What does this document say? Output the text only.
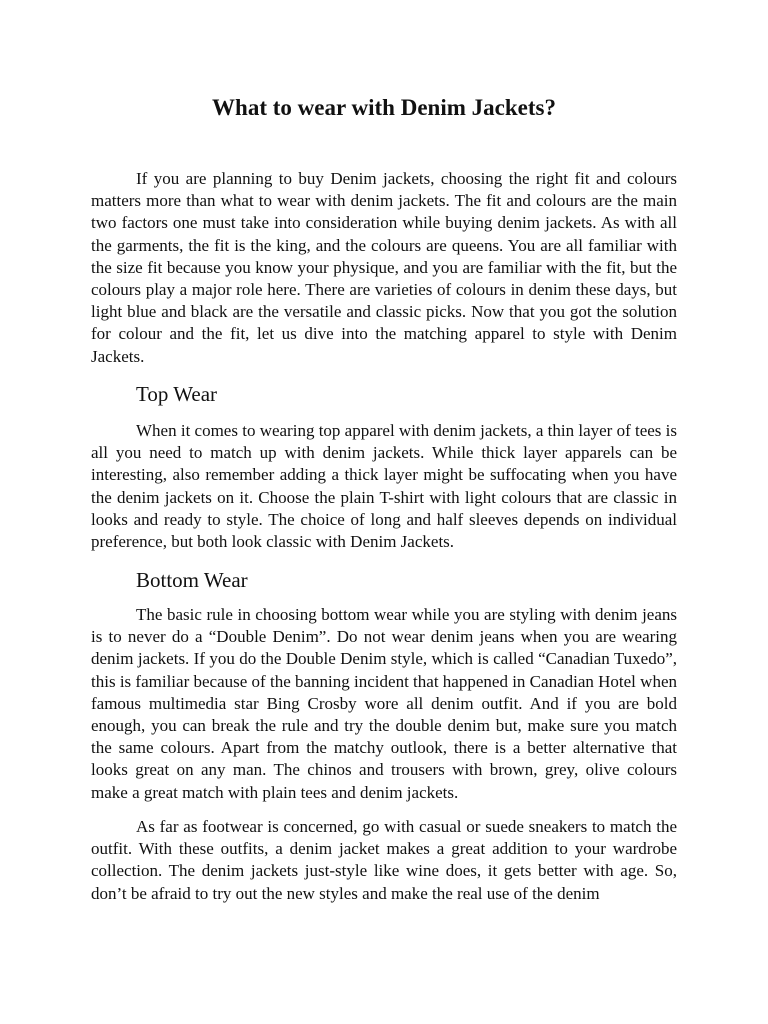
What to wear with Denim Jackets?

If you are planning to buy Denim jackets, choosing the right fit and colours matters more than what to wear with denim jackets. The fit and colours are the main two factors one must take into consideration while buying denim jackets. As with all the garments, the fit is the king, and the colours are queens. You are all familiar with the size fit because you know your physique, and you are familiar with the fit, but the colours play a major role here. There are varieties of colours in denim these days, but light blue and black are the versatile and classic picks. Now that you got the solution for colour and the fit, let us dive into the matching apparel to style with Denim Jackets.

Top Wear

When it comes to wearing top apparel with denim jackets, a thin layer of tees is all you need to match up with denim jackets. While thick layer apparels can be interesting, also remember adding a thick layer might be suffocating when you have the denim jackets on it. Choose the plain T-shirt with light colours that are classic in looks and ready to style. The choice of long and half sleeves depends on individual preference, but both look classic with Denim Jackets.

Bottom Wear

The basic rule in choosing bottom wear while you are styling with denim jeans is to never do a “Double Denim”. Do not wear denim jeans when you are wearing denim jackets. If you do the Double Denim style, which is called “Canadian Tuxedo”, this is familiar because of the banning incident that happened in Canadian Hotel when famous multimedia star Bing Crosby wore all denim outfit. And if you are bold enough, you can break the rule and try the double denim but, make sure you match the same colours. Apart from the matchy outlook, there is a better alternative that looks great on any man. The chinos and trousers with brown, grey, olive colours make a great match with plain tees and denim jackets.

As far as footwear is concerned, go with casual or suede sneakers to match the outfit. With these outfits, a denim jacket makes a great addition to your wardrobe collection. The denim jackets just-style like wine does, it gets better with age. So, don’t be afraid to try out the new styles and make the real use of the denim
